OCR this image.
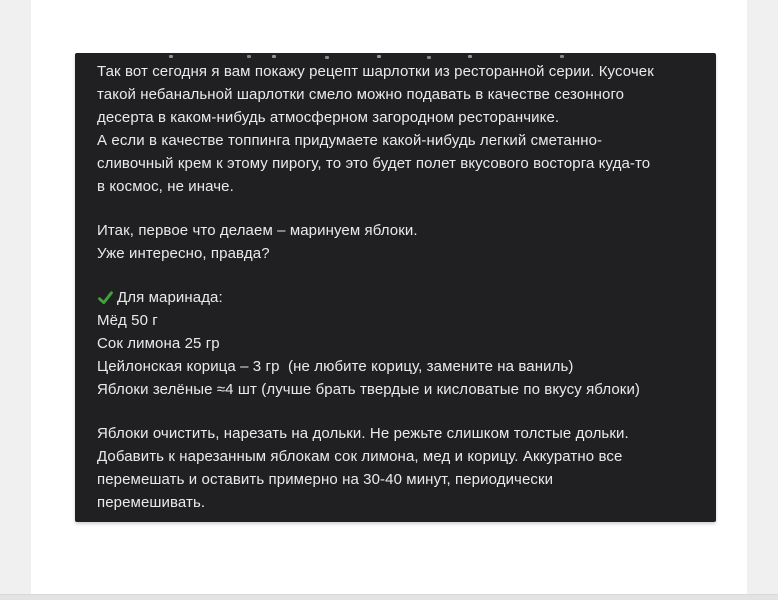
Так вот сегодня я вам покажу рецепт шарлотки из ресторанной серии. Кусочек
такой небанальной шарлотки смело можно подавать в качестве сезонного
десерта в каком-нибудь атмосферном загородном ресторанчике.
А если в качестве топпинга придумаете какой-нибудь легкий сметанно-
сливочный крем к этому пирогу, то это будет полет вкусового восторга куда-то
в космос, не иначе.

Итак, первое что делаем – маринуем яблоки.
Уже интересно, правда?

Для маринада:
Мёд 50 г
Сок лимона 25 гр
Цейлонская корица – 3 гр  (не любите корицу, замените на ваниль)
Яблоки зелёные ≈4 шт (лучше брать твердые и кисловатые по вкусу яблоки)

Яблоки очистить, нарезать на дольки. Не режьте слишком толстые дольки.
Добавить к нарезанным яблокам сок лимона, мед и корицу. Аккуратно все
перемешать и оставить примерно на 30-40 минут, периодически
перемешивать.
